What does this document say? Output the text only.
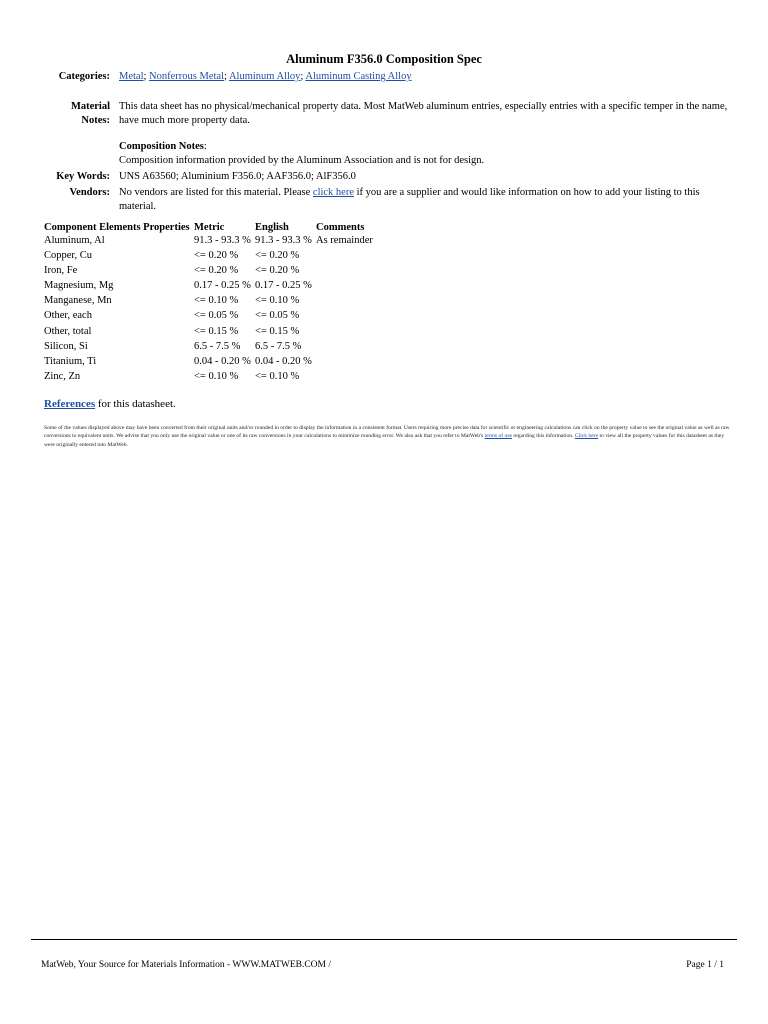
Aluminum F356.0 Composition Spec
Categories: Metal; Nonferrous Metal; Aluminum Alloy; Aluminum Casting Alloy
Material
Notes:
This data sheet has no physical/mechanical property data. Most MatWeb aluminum entries, especially entries with a specific temper in the name, have much more property data.
Composition Notes:
Composition information provided by the Aluminum Association and is not for design.
Key Words: UNS A63560; Aluminium F356.0; AAF356.0; AlF356.0
Vendors: No vendors are listed for this material. Please click here if you are a supplier and would like information on how to add your listing to this material.
Component Elements Properties	Metric	English	Comments
Aluminum, Al	91.3 - 93.3 %	91.3 - 93.3 %	As remainder
Copper, Cu	<= 0.20 %	<= 0.20 %	
Iron, Fe	<= 0.20 %	<= 0.20 %	
Magnesium, Mg	0.17 - 0.25 %	0.17 - 0.25 %	
Manganese, Mn	<= 0.10 %	<= 0.10 %	
Other, each	<= 0.05 %	<= 0.05 %	
Other, total	<= 0.15 %	<= 0.15 %	
Silicon, Si	6.5 - 7.5 %	6.5 - 7.5 %	
Titanium, Ti	0.04 - 0.20 %	0.04 - 0.20 %	
Zinc, Zn	<= 0.10 %	<= 0.10 %	
References for this datasheet.
Some of the values displayed above may have been converted from their original units and/or rounded in order to display the information in a consistent format. Users requiring more precise data for scientific or engineering calculations can click on the property value to see the original value as well as raw conversions to equivalent units. We advise that you only use the original value or one of its raw conversions in your calculations to minimize rounding error. We also ask that you refer to MatWeb's terms of use regarding this information. Click here to view all the property values for this datasheet as they were originally entered into MatWeb.
MatWeb, Your Source for Materials Information - WWW.MATWEB.COM /	Page 1 / 1
